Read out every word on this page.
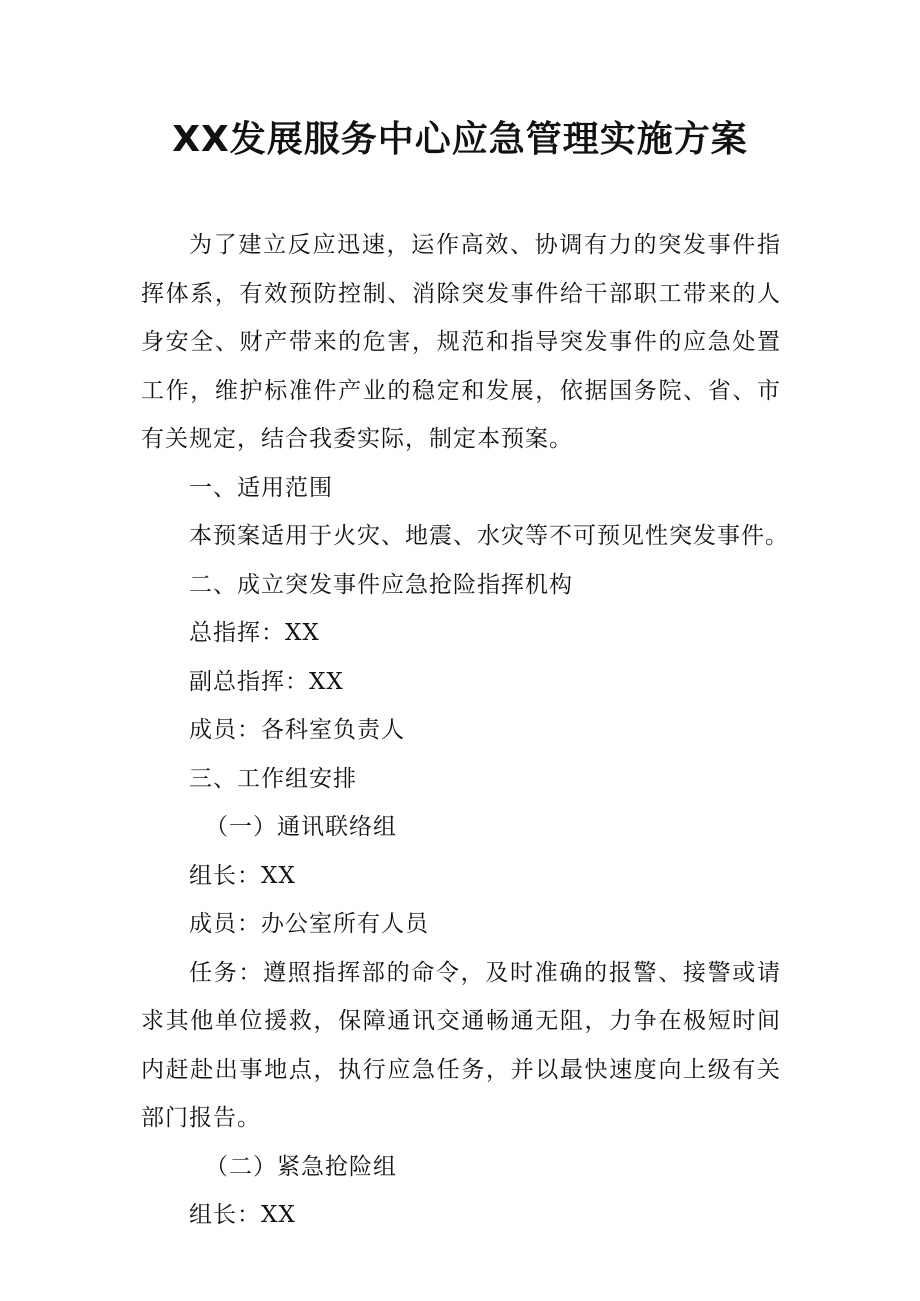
XX发展服务中心应急管理实施方案

为了建立反应迅速，运作高效、协调有力的突发事件指挥体系，有效预防控制、消除突发事件给干部职工带来的人身安全、财产带来的危害，规范和指导突发事件的应急处置工作，维护标准件产业的稳定和发展，依据国务院、省、市有关规定，结合我委实际，制定本预案。

一、适用范围

本预案适用于火灾、地震、水灾等不可预见性突发事件。

二、成立突发事件应急抢险指挥机构

总指挥：XX

副总指挥：XX

成员：各科室负责人

三、工作组安排

（一）通讯联络组

组长：XX

成员：办公室所有人员

任务：遵照指挥部的命令，及时准确的报警、接警或请求其他单位援救，保障通讯交通畅通无阻，力争在极短时间内赶赴出事地点，执行应急任务，并以最快速度向上级有关部门报告。

（二）紧急抢险组

组长：XX
